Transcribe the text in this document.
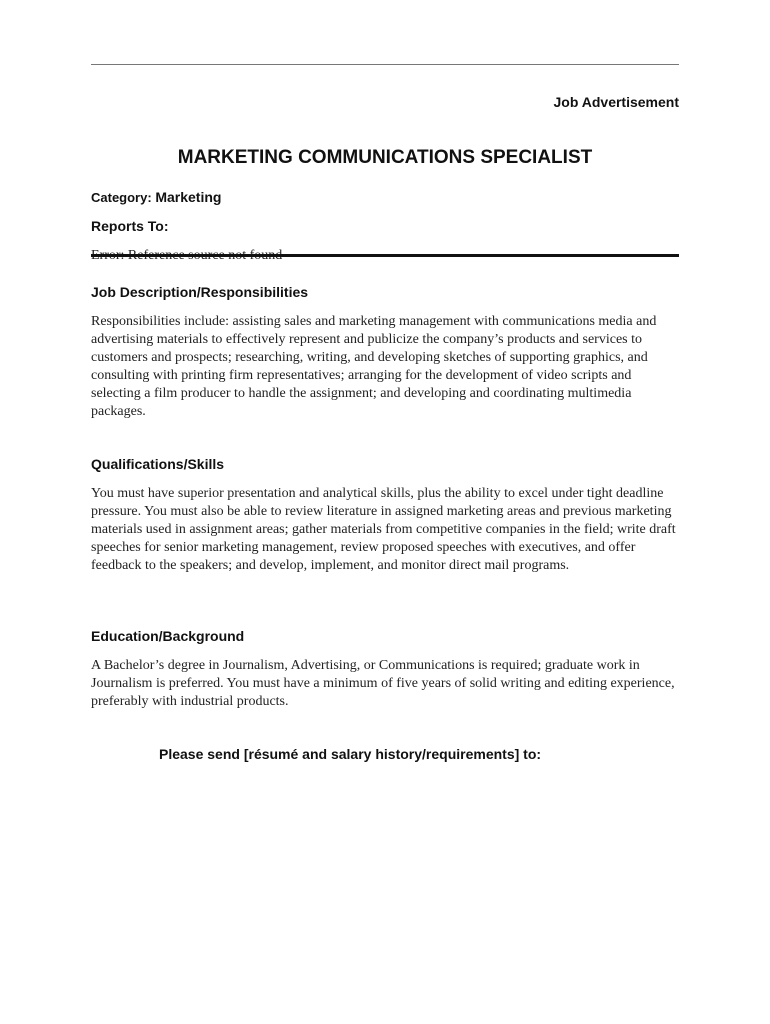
Job Advertisement
MARKETING COMMUNICATIONS SPECIALIST
Category: Marketing
Reports To:
Job Description/Responsibilities

Responsibilities include: assisting sales and marketing management with communications media and advertising materials to effectively represent and publicize the company’s products and services to customers and prospects; researching, writing, and developing sketches of supporting graphics, and consulting with printing firm representatives; arranging for the development of video scripts and selecting a film producer to handle the assignment; and developing and coordinating multimedia packages.

Qualifications/Skills

You must have superior presentation and analytical skills, plus the ability to excel under tight deadline pressure. You must also be able to review literature in assigned marketing areas and previous marketing materials used in assignment areas; gather materials from competitive companies in the field; write draft speeches for senior marketing management, review proposed speeches with executives, and offer feedback to the speakers; and develop, implement, and monitor direct mail programs.

Education/Background

A Bachelor’s degree in Journalism, Advertising, or Communications is required; graduate work in Journalism is preferred. You must have a minimum of five years of solid writing and editing experience, preferably with industrial products.

Please send [résumé and salary history/requirements] to:
